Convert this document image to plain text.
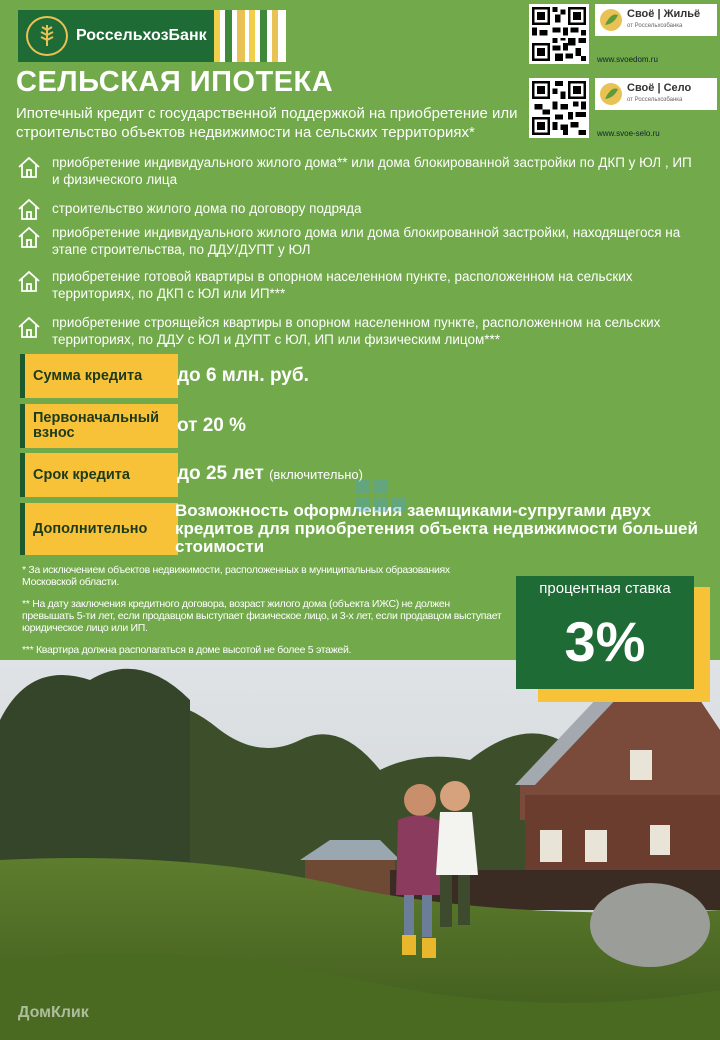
РоссельхозБанк
Своё | Жильё
от Россельхозбанка
www.svoedom.ru
Своё | Село
от Россельхозбанка
www.svoe-selo.ru
СЕЛЬСКАЯ ИПОТЕКА
Ипотечный кредит с государственной поддержкой на приобретение или строительство объектов недвижимости на сельских территориях*
приобретение индивидуального жилого дома** или дома блокированной застройки по ДКП у ЮЛ , ИП и физического лица
строительство жилого дома по договору подряда
приобретение индивидуального жилого дома или дома блокированной застройки, находящегося на этапе строительства, по ДДУ/ДУПТ у ЮЛ
приобретение готовой квартиры в опорном населенном пункте, расположенном на сельских территориях, по ДКП с ЮЛ или ИП***
приобретение строящейся квартиры в опорном населенном пункте, расположенном на сельских территориях, по ДДУ с ЮЛ и ДУПТ с ЮЛ, ИП или физическим лицом***
Сумма кредита	до 6 млн. руб.
Первоначальный взнос	от 20 %
Срок кредита	до 25 лет (включительно)
Дополнительно
Возможность оформления заемщиками-супругами двух кредитов для приобретения объекта недвижимости большей стоимости
* За исключением объектов недвижимости, расположенных в муниципальных образованиях Московской области.
** На дату заключения кредитного договора, возраст жилого дома (объекта ИЖС) не должен превышать 5-ти лет, если продавцом выступает физическое лицо, и 3-х лет, если продавцом выступает юридическое лицо или ИП.
*** Квартира должна располагаться в доме высотой не более 5 этажей.
процентная ставка
3%
ДомКлик
